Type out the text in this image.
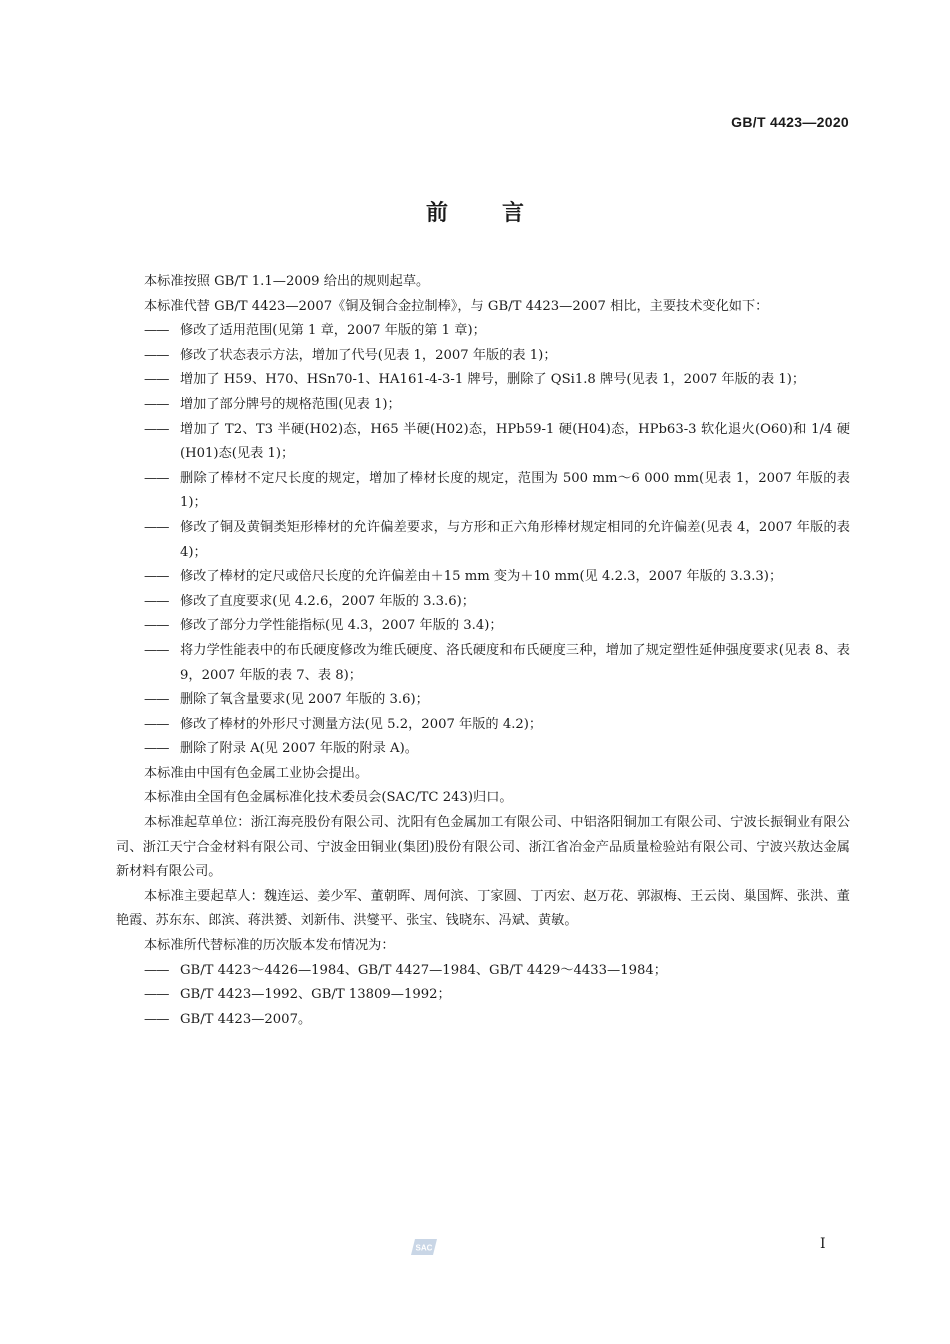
GB/T 4423—2020
前言
本标准按照 GB/T 1.1—2009 给出的规则起草。
本标准代替 GB/T 4423—2007《铜及铜合金拉制棒》，与 GB/T 4423—2007 相比，主要技术变化如下：
—— 修改了适用范围(见第 1 章，2007 年版的第 1 章)；
—— 修改了状态表示方法，增加了代号(见表 1，2007 年版的表 1)；
—— 增加了 H59、H70、HSn70-1、HA161-4-3-1 牌号，删除了 QSi1.8 牌号(见表 1，2007 年版的表 1)；
—— 增加了部分牌号的规格范围(见表 1)；
—— 增加了 T2、T3 半硬(H02)态，H65 半硬(H02)态，HPb59-1 硬(H04)态，HPb63-3 软化退火(O60)和 1/4 硬(H01)态(见表 1)；
—— 删除了棒材不定尺长度的规定，增加了棒材长度的规定，范围为 500 mm～6 000 mm(见表 1，2007 年版的表 1)；
—— 修改了铜及黄铜类矩形棒材的允许偏差要求，与方形和正六角形棒材规定相同的允许偏差(见表 4，2007 年版的表 4)；
—— 修改了棒材的定尺或倍尺长度的允许偏差由＋15 mm 变为＋10 mm(见 4.2.3，2007 年版的 3.3.3)；
—— 修改了直度要求(见 4.2.6，2007 年版的 3.3.6)；
—— 修改了部分力学性能指标(见 4.3，2007 年版的 3.4)；
—— 将力学性能表中的布氏硬度修改为维氏硬度、洛氏硬度和布氏硬度三种，增加了规定塑性延伸强度要求(见表 8、表 9，2007 年版的表 7、表 8)；
—— 删除了氧含量要求(见 2007 年版的 3.6)；
—— 修改了棒材的外形尺寸测量方法(见 5.2，2007 年版的 4.2)；
—— 删除了附录 A(见 2007 年版的附录 A)。
本标准由中国有色金属工业协会提出。
本标准由全国有色金属标准化技术委员会(SAC/TC 243)归口。
本标准起草单位：浙江海亮股份有限公司、沈阳有色金属加工有限公司、中铝洛阳铜加工有限公司、宁波长振铜业有限公司、浙江天宁合金材料有限公司、宁波金田铜业(集团)股份有限公司、浙江省冶金产品质量检验站有限公司、宁波兴敖达金属新材料有限公司。
本标准主要起草人：魏连运、姜少军、董朝晖、周何滨、丁家圆、丁丙宏、赵万花、郭淑梅、王云岗、巢国辉、张洪、董艳霞、苏东东、郎滨、蒋洪赟、刘新伟、洪燮平、张宝、钱晓东、冯斌、黄敏。
本标准所代替标准的历次版本发布情况为：
—— GB/T 4423～4426—1984、GB/T 4427—1984、GB/T 4429～4433—1984；
—— GB/T 4423—1992、GB/T 13809—1992；
—— GB/T 4423—2007。
SAC	I
